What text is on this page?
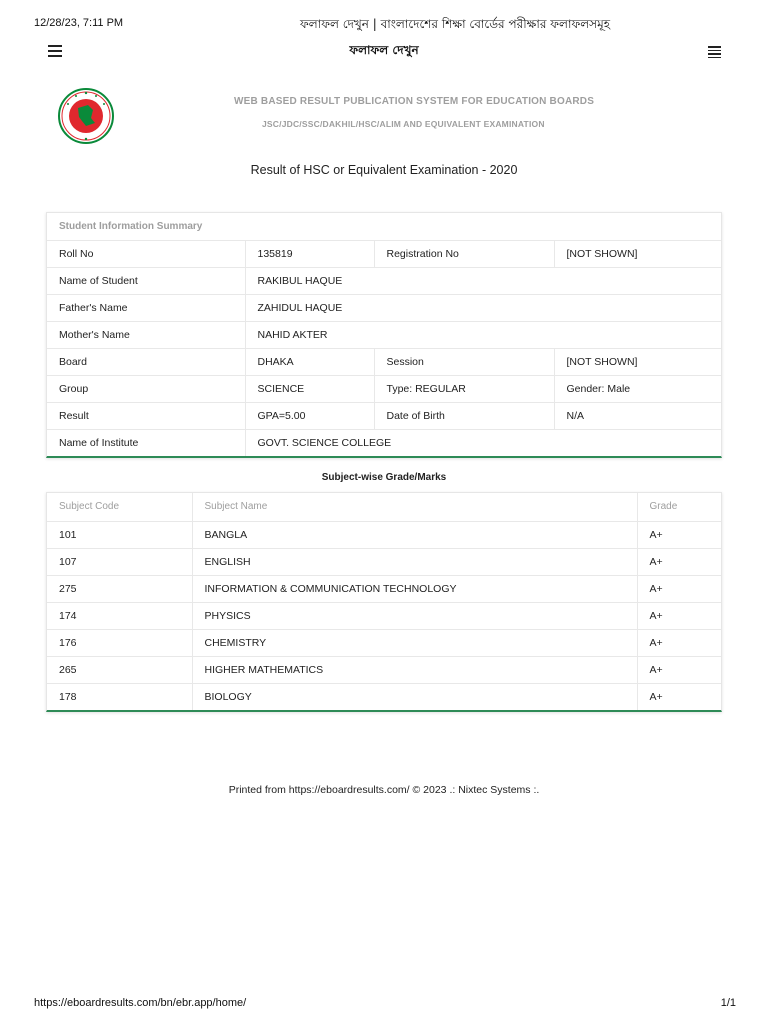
12/28/23, 7:11 PM	ফলাফল দেখুন | বাংলাদেশের শিক্ষা বোর্ডের পরীক্ষার ফলাফলসমূহ
ফলাফল দেখুন
WEB BASED RESULT PUBLICATION SYSTEM FOR EDUCATION BOARDS
JSC/JDC/SSC/DAKHIL/HSC/ALIM AND EQUIVALENT EXAMINATION
Result of HSC or Equivalent Examination - 2020
Student Information Summary			
Roll No	135819	Registration No	[NOT SHOWN]
Name of Student	RAKIBUL HAQUE		
Father's Name	ZAHIDUL HAQUE		
Mother's Name	NAHID AKTER		
Board	DHAKA	Session	[NOT SHOWN]
Group	SCIENCE	Type: REGULAR	Gender: Male
Result	GPA=5.00	Date of Birth	N/A
Name of Institute	GOVT. SCIENCE COLLEGE		
Subject-wise Grade/Marks
Subject Code	Subject Name	Grade
101	BANGLA	A+
107	ENGLISH	A+
275	INFORMATION & COMMUNICATION TECHNOLOGY	A+
174	PHYSICS	A+
176	CHEMISTRY	A+
265	HIGHER MATHEMATICS	A+
178	BIOLOGY	A+
Printed from https://eboardresults.com/ © 2023 .: Nixtec Systems :.
https://eboardresults.com/bn/ebr.app/home/	1/1
